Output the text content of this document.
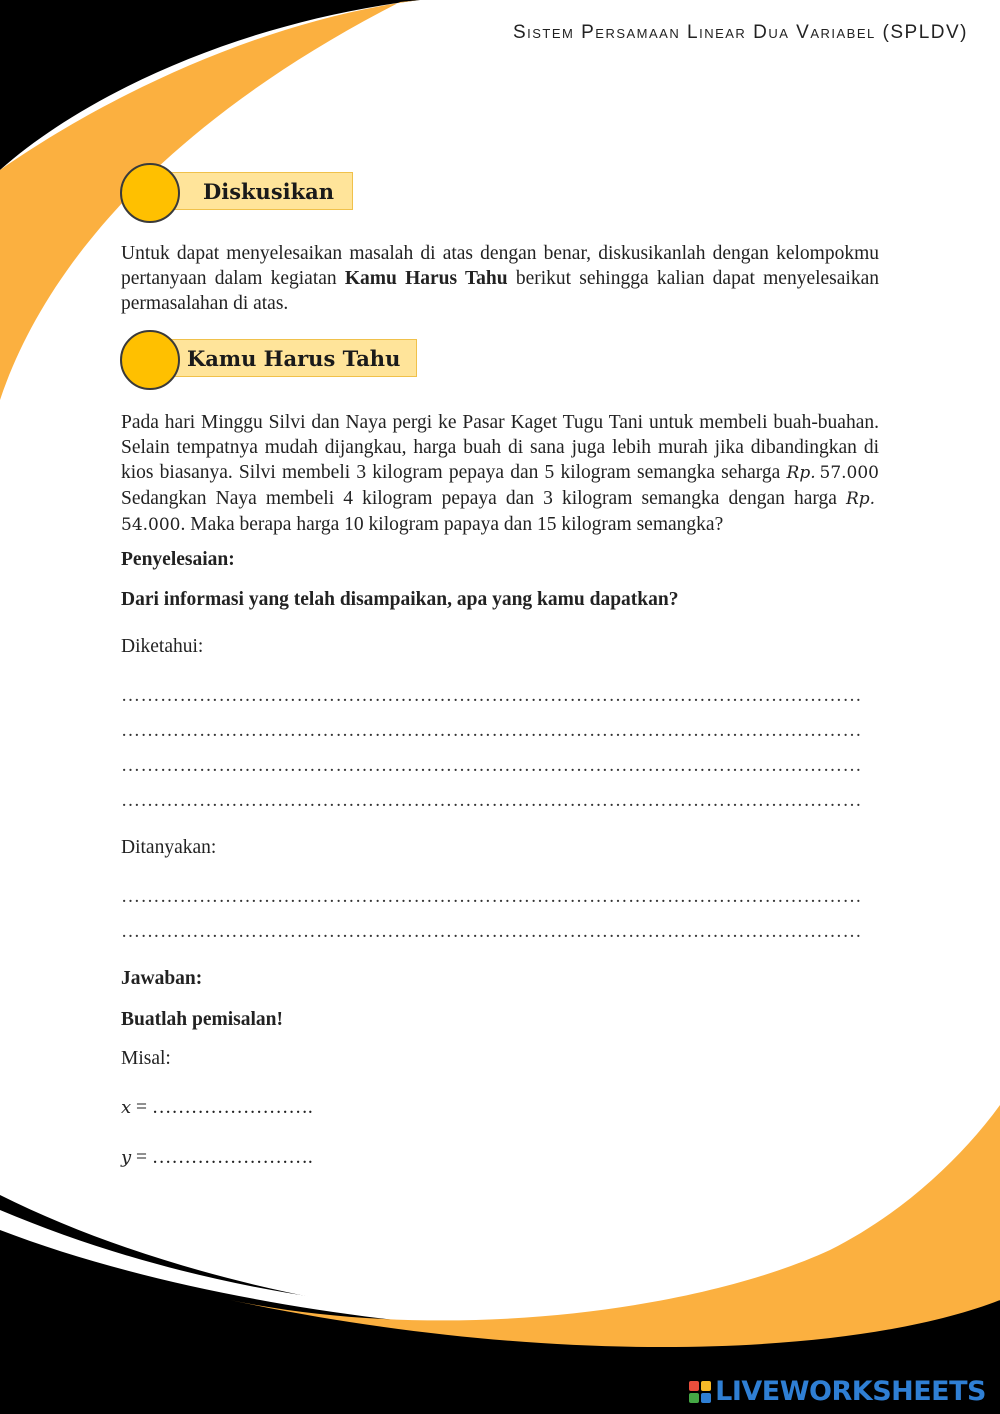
Sistem Persamaan Linear Dua Variabel (SPLDV)
Diskusikan

Untuk dapat menyelesaikan masalah di atas dengan benar, diskusikanlah dengan kelompokmu pertanyaan dalam kegiatan Kamu Harus Tahu berikut sehingga kalian dapat menyelesaikan permasalahan di atas.

Kamu Harus Tahu

Pada hari Minggu Silvi dan Naya pergi ke Pasar Kaget Tugu Tani untuk membeli buah-buahan. Selain tempatnya mudah dijangkau, harga buah di sana juga lebih murah jika dibandingkan di kios biasanya. Silvi membeli 3 kilogram pepaya dan 5 kilogram semangka seharga Rp.  57.000 Sedangkan Naya membeli 4 kilogram pepaya dan 3 kilogram semangka dengan harga Rp. 54.000. Maka berapa harga 10 kilogram papaya dan 15 kilogram semangka?

Penyelesaian:

Dari informasi yang telah disampaikan, apa yang kamu dapatkan?

Diketahui:

……………………………………………………………………………………………………
……………………………………………………………………………………………………
……………………………………………………………………………………………………
……………………………………………………………………………………………………

Ditanyakan:

……………………………………………………………………………………………………
……………………………………………………………………………………………………

Jawaban:

Buatlah pemisalan!

Misal:

x = …………………….
y = …………………….
LIVEWORKSHEETS
